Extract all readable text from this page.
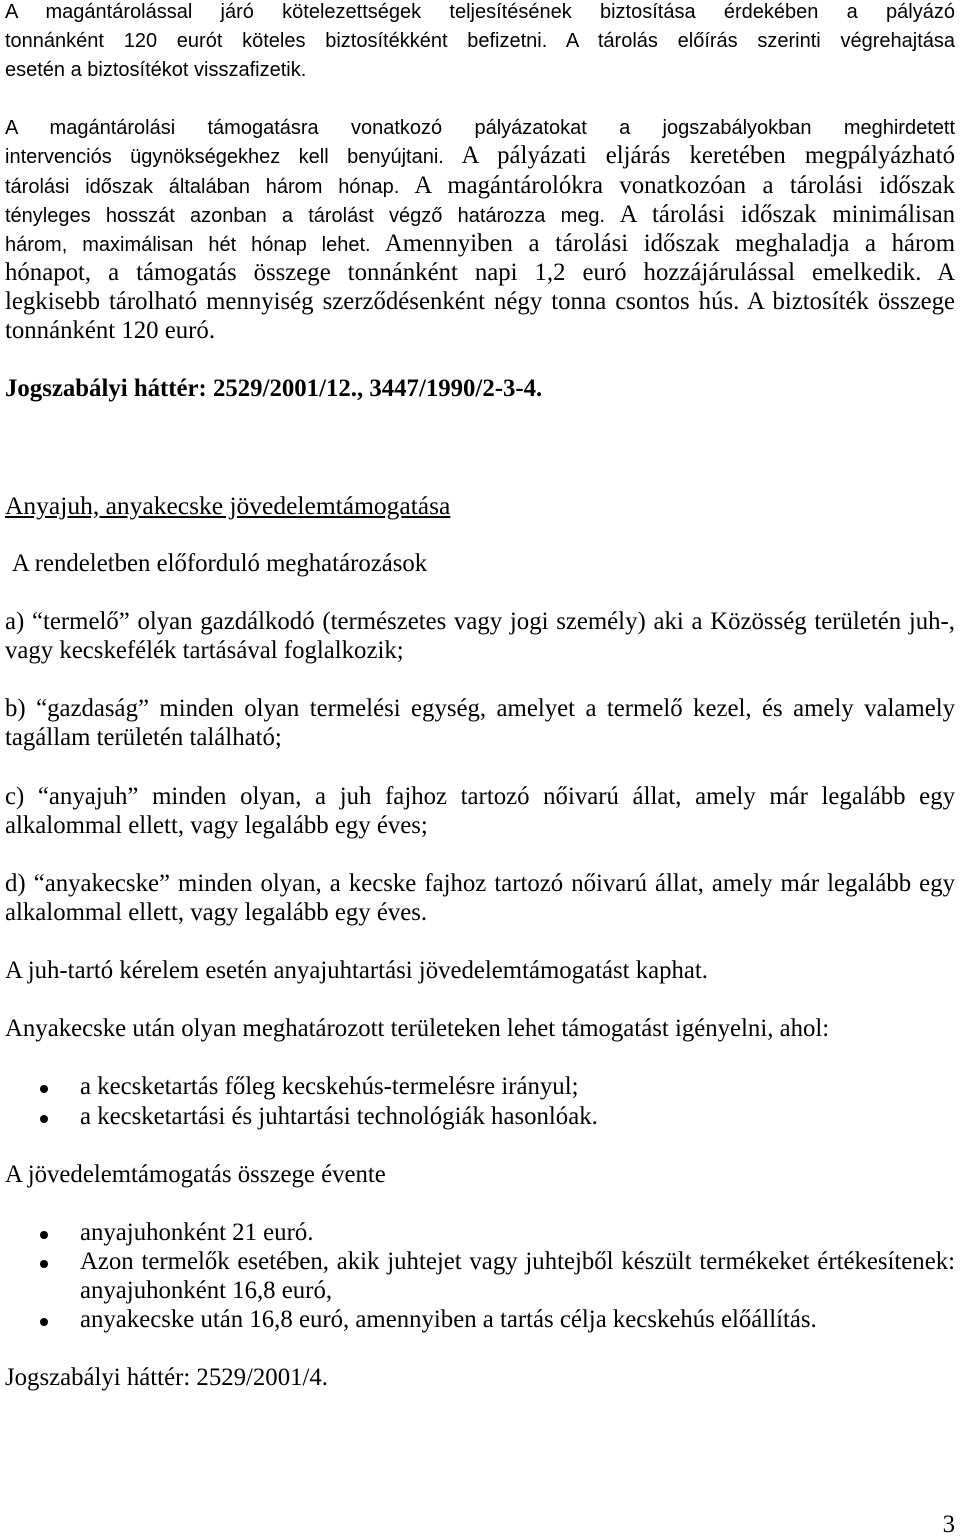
A magántárolással járó kötelezettségek teljesítésének biztosítása érdekében a pályázó
tonnánként 120 eurót köteles biztosítékként befizetni. A tárolás előírás szerinti végrehajtása
esetén a biztosítékot visszafizetik.
A magántárolási támogatásra vonatkozó pályázatokat a jogszabályokban meghirdetett
intervenciós ügynökségekhez kell benyújtani. A pályázati eljárás keretében megpályázható
tárolási időszak általában három hónap. A magántárolókra vonatkozóan a tárolási időszak
tényleges hosszát azonban a tárolást végző határozza meg. A tárolási időszak minimálisan
három, maximálisan hét hónap lehet. Amennyiben a tárolási időszak meghaladja a három
hónapot, a támogatás összege tonnánként napi 1,2 euró hozzájárulással emelkedik. A
legkisebb tárolható mennyiség szerződésenként négy tonna csontos hús. A biztosíték összege
tonnánként 120 euró.
Jogszabályi háttér: 2529/2001/12., 3447/1990/2-3-4.
Anyajuh, anyakecske jövedelemtámogatása
A rendeletben előforduló meghatározások
a) “termelő” olyan gazdálkodó (természetes vagy jogi személy) aki a Közösség területén juh-,
vagy kecskefélék tartásával foglalkozik;
b) “gazdaság” minden olyan termelési egység, amelyet a termelő kezel, és amely valamely
tagállam területén található;
c) “anyajuh” minden olyan, a juh fajhoz tartozó nőivarú állat, amely már legalább egy
alkalommal ellett, vagy legalább egy éves;
d) “anyakecske” minden olyan, a kecske fajhoz tartozó nőivarú állat, amely már legalább egy
alkalommal ellett, vagy legalább egy éves.
A juh-tartó kérelem esetén anyajuhtartási jövedelemtámogatást kaphat.
Anyakecske után olyan meghatározott területeken lehet támogatást igényelni, ahol:
a kecsketartás főleg kecskehús-termelésre irányul;
a kecsketartási és juhtartási technológiák hasonlóak.
A jövedelemtámogatás összege évente
anyajuhonként 21 euró.
Azon termelők esetében, akik juhtejet vagy juhtejből készült termékeket értékesítenek:
anyajuhonként 16,8 euró,
anyakecske után 16,8 euró, amennyiben a tartás célja kecskehús előállítás.
Jogszabályi háttér: 2529/2001/4.
3
